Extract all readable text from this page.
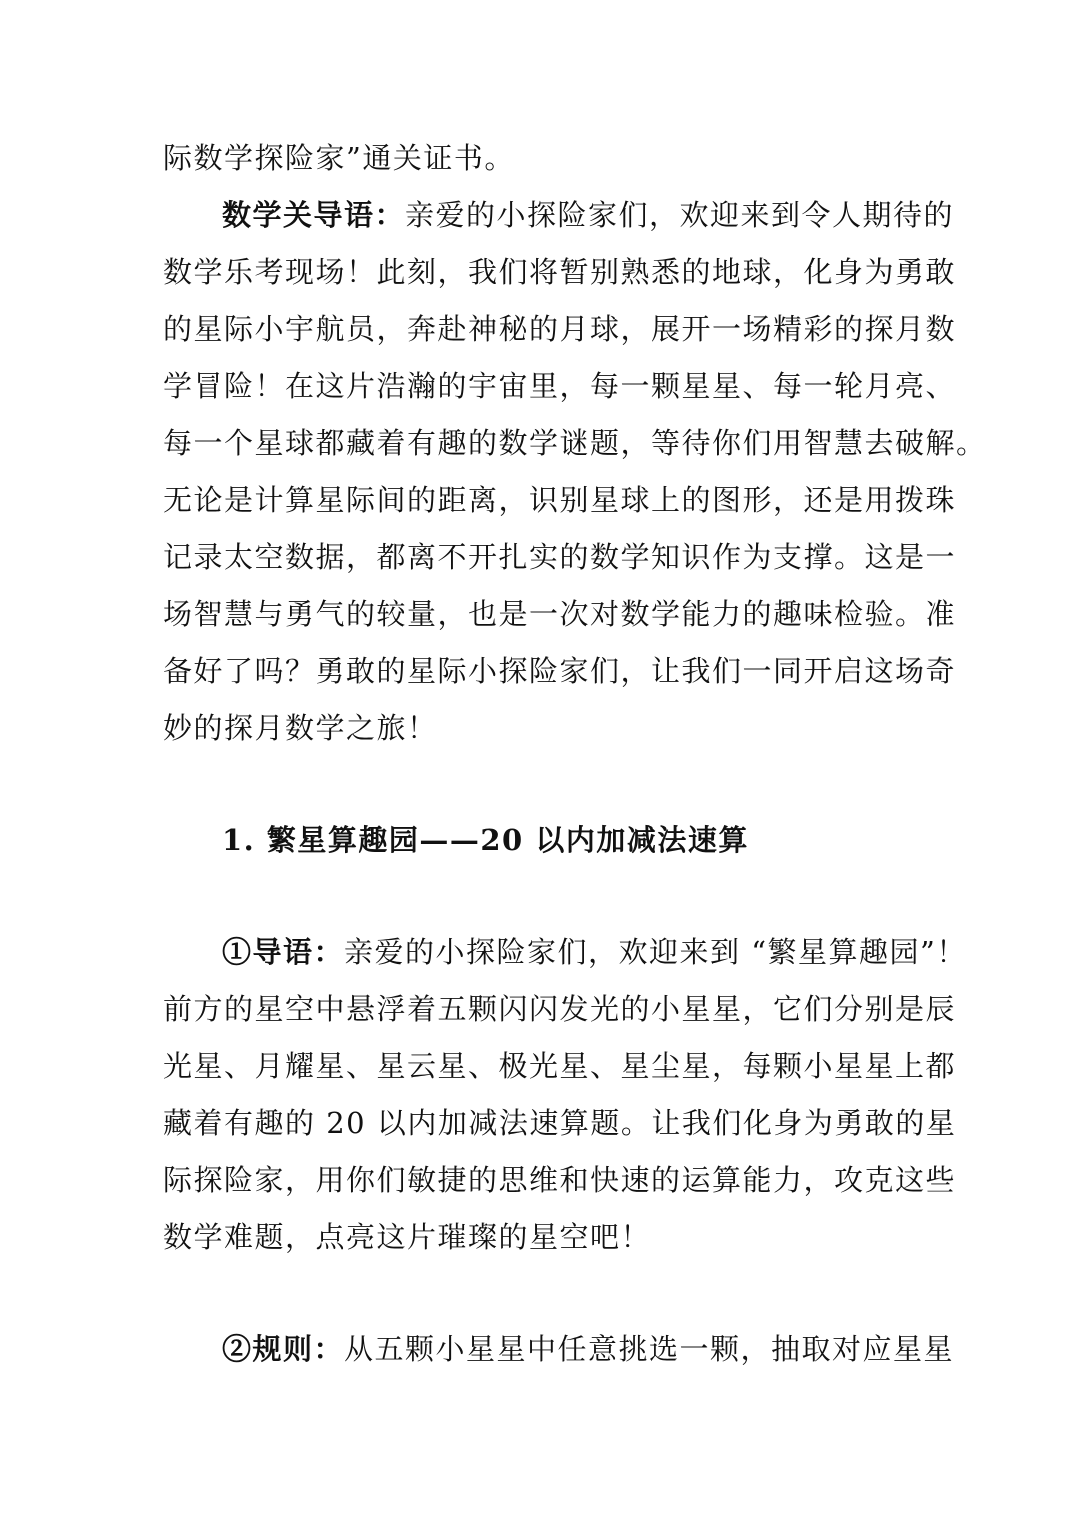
际数学探险家”通关证书。
数学关导语：亲爱的小探险家们，欢迎来到令人期待的
数学乐考现场！此刻，我们将暂别熟悉的地球，化身为勇敢
的星际小宇航员，奔赴神秘的月球，展开一场精彩的探月数
学冒险！在这片浩瀚的宇宙里，每一颗星星、每一轮月亮、
每一个星球都藏着有趣的数学谜题，等待你们用智慧去破解。
无论是计算星际间的距离，识别星球上的图形，还是用拨珠
记录太空数据，都离不开扎实的数学知识作为支撑。这是一
场智慧与勇气的较量，也是一次对数学能力的趣味检验。准
备好了吗？勇敢的星际小探险家们，让我们一同开启这场奇
妙的探月数学之旅！
1. 繁星算趣园——20 以内加减法速算
①导语：亲爱的小探险家们，欢迎来到 “繁星算趣园”！
前方的星空中悬浮着五颗闪闪发光的小星星，它们分别是辰
光星、月耀星、星云星、极光星、星尘星，每颗小星星上都
藏着有趣的 20 以内加减法速算题。让我们化身为勇敢的星
际探险家，用你们敏捷的思维和快速的运算能力，攻克这些
数学难题，点亮这片璀璨的星空吧！
②规则：从五颗小星星中任意挑选一颗，抽取对应星星
